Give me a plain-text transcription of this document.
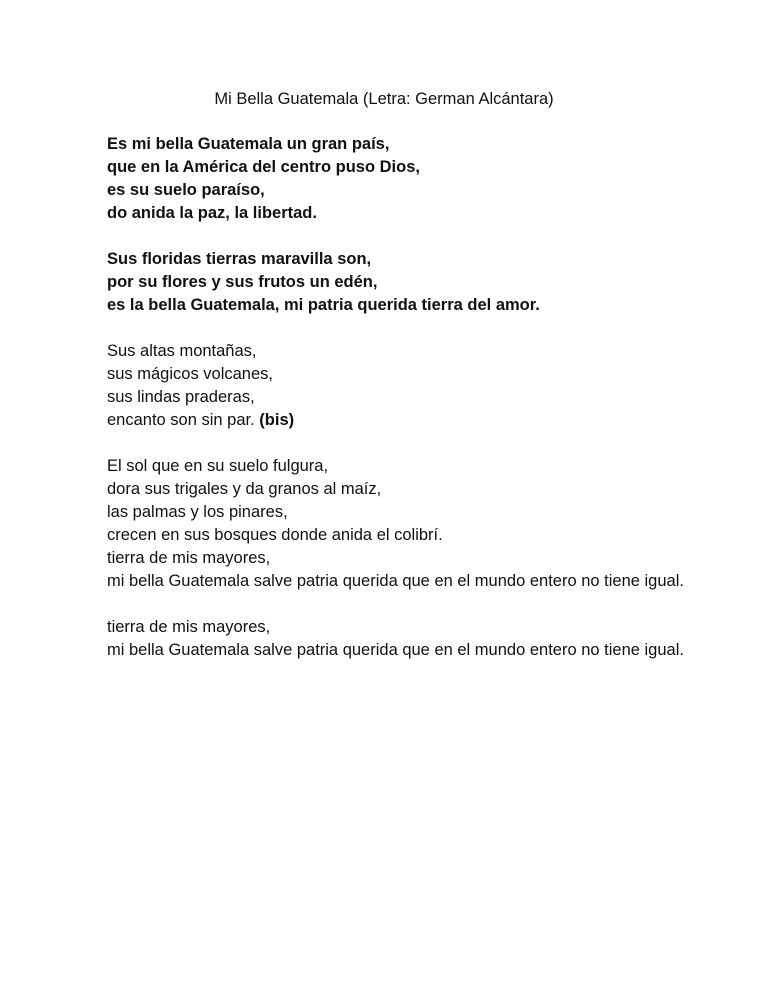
Mi Bella Guatemala (Letra: German Alcántara)

Es mi bella Guatemala un gran país,
que en la América del centro puso Dios,
es su suelo paraíso,
do anida la paz, la libertad.
Sus floridas tierras maravilla son,
por su flores y sus frutos un edén,
es la bella Guatemala, mi patria querida tierra del amor.
Sus altas montañas,
sus mágicos volcanes,
sus lindas praderas,
encanto son sin par. (bis)
El sol que en su suelo fulgura,
dora sus trigales y da granos al maíz,
las palmas y los pinares,
crecen en sus bosques donde anida el colibrí.
tierra de mis mayores,
mi bella Guatemala salve patria querida que en el mundo entero no tiene igual.
tierra de mis mayores,
mi bella Guatemala salve patria querida que en el mundo entero no tiene igual.
